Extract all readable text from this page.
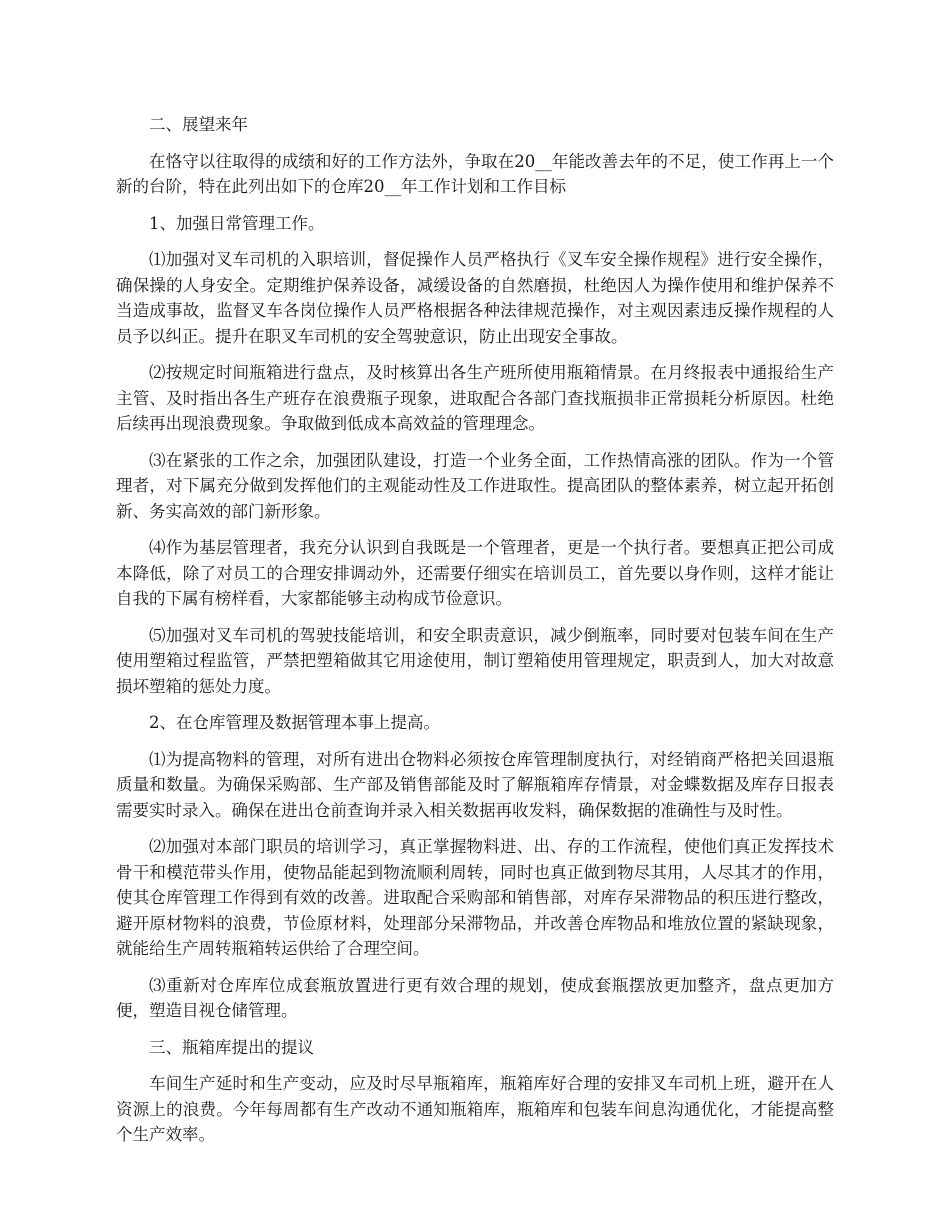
二、展望来年

在恪守以往取得的成绩和好的工作方法外，争取在20__年能改善去年的不足，使工作再上一个新的台阶，特在此列出如下的仓库20__年工作计划和工作目标

1、加强日常管理工作。

⑴加强对叉车司机的入职培训，督促操作人员严格执行《叉车安全操作规程》进行安全操作，确保操的人身安全。定期维护保养设备，减缓设备的自然磨损，杜绝因人为操作使用和维护保养不当造成事故，监督叉车各岗位操作人员严格根据各种法律规范操作，对主观因素违反操作规程的人员予以纠正。提升在职叉车司机的安全驾驶意识，防止出现安全事故。

⑵按规定时间瓶箱进行盘点，及时核算出各生产班所使用瓶箱情景。在月终报表中通报给生产主管、及时指出各生产班存在浪费瓶子现象，进取配合各部门查找瓶损非正常损耗分析原因。杜绝后续再出现浪费现象。争取做到低成本高效益的管理理念。

⑶在紧张的工作之余，加强团队建设，打造一个业务全面，工作热情高涨的团队。作为一个管理者，对下属充分做到发挥他们的主观能动性及工作进取性。提高团队的整体素养，树立起开拓创新、务实高效的部门新形象。

⑷作为基层管理者，我充分认识到自我既是一个管理者，更是一个执行者。要想真正把公司成本降低，除了对员工的合理安排调动外，还需要仔细实在培训员工，首先要以身作则，这样才能让自我的下属有榜样看，大家都能够主动构成节俭意识。

⑸加强对叉车司机的驾驶技能培训，和安全职责意识，减少倒瓶率，同时要对包装车间在生产使用塑箱过程监管，严禁把塑箱做其它用途使用，制订塑箱使用管理规定，职责到人，加大对故意损坏塑箱的惩处力度。

2、在仓库管理及数据管理本事上提高。

⑴为提高物料的管理，对所有进出仓物料必须按仓库管理制度执行，对经销商严格把关回退瓶质量和数量。为确保采购部、生产部及销售部能及时了解瓶箱库存情景，对金蝶数据及库存日报表需要实时录入。确保在进出仓前查询并录入相关数据再收发料，确保数据的准确性与及时性。

⑵加强对本部门职员的培训学习，真正掌握物料进、出、存的工作流程，使他们真正发挥技术骨干和模范带头作用，使物品能起到物流顺利周转，同时也真正做到物尽其用，人尽其才的作用，使其仓库管理工作得到有效的改善。进取配合采购部和销售部，对库存呆滞物品的积压进行整改，避开原材物料的浪费，节俭原材料，处理部分呆滞物品，并改善仓库物品和堆放位置的紧缺现象，就能给生产周转瓶箱转运供给了合理空间。

⑶重新对仓库库位成套瓶放置进行更有效合理的规划，使成套瓶摆放更加整齐，盘点更加方便，塑造目视仓储管理。

三、瓶箱库提出的提议

车间生产延时和生产变动，应及时尽早瓶箱库，瓶箱库好合理的安排叉车司机上班，避开在人资源上的浪费。今年每周都有生产改动不通知瓶箱库，瓶箱库和包装车间息沟通优化，才能提高整个生产效率。
